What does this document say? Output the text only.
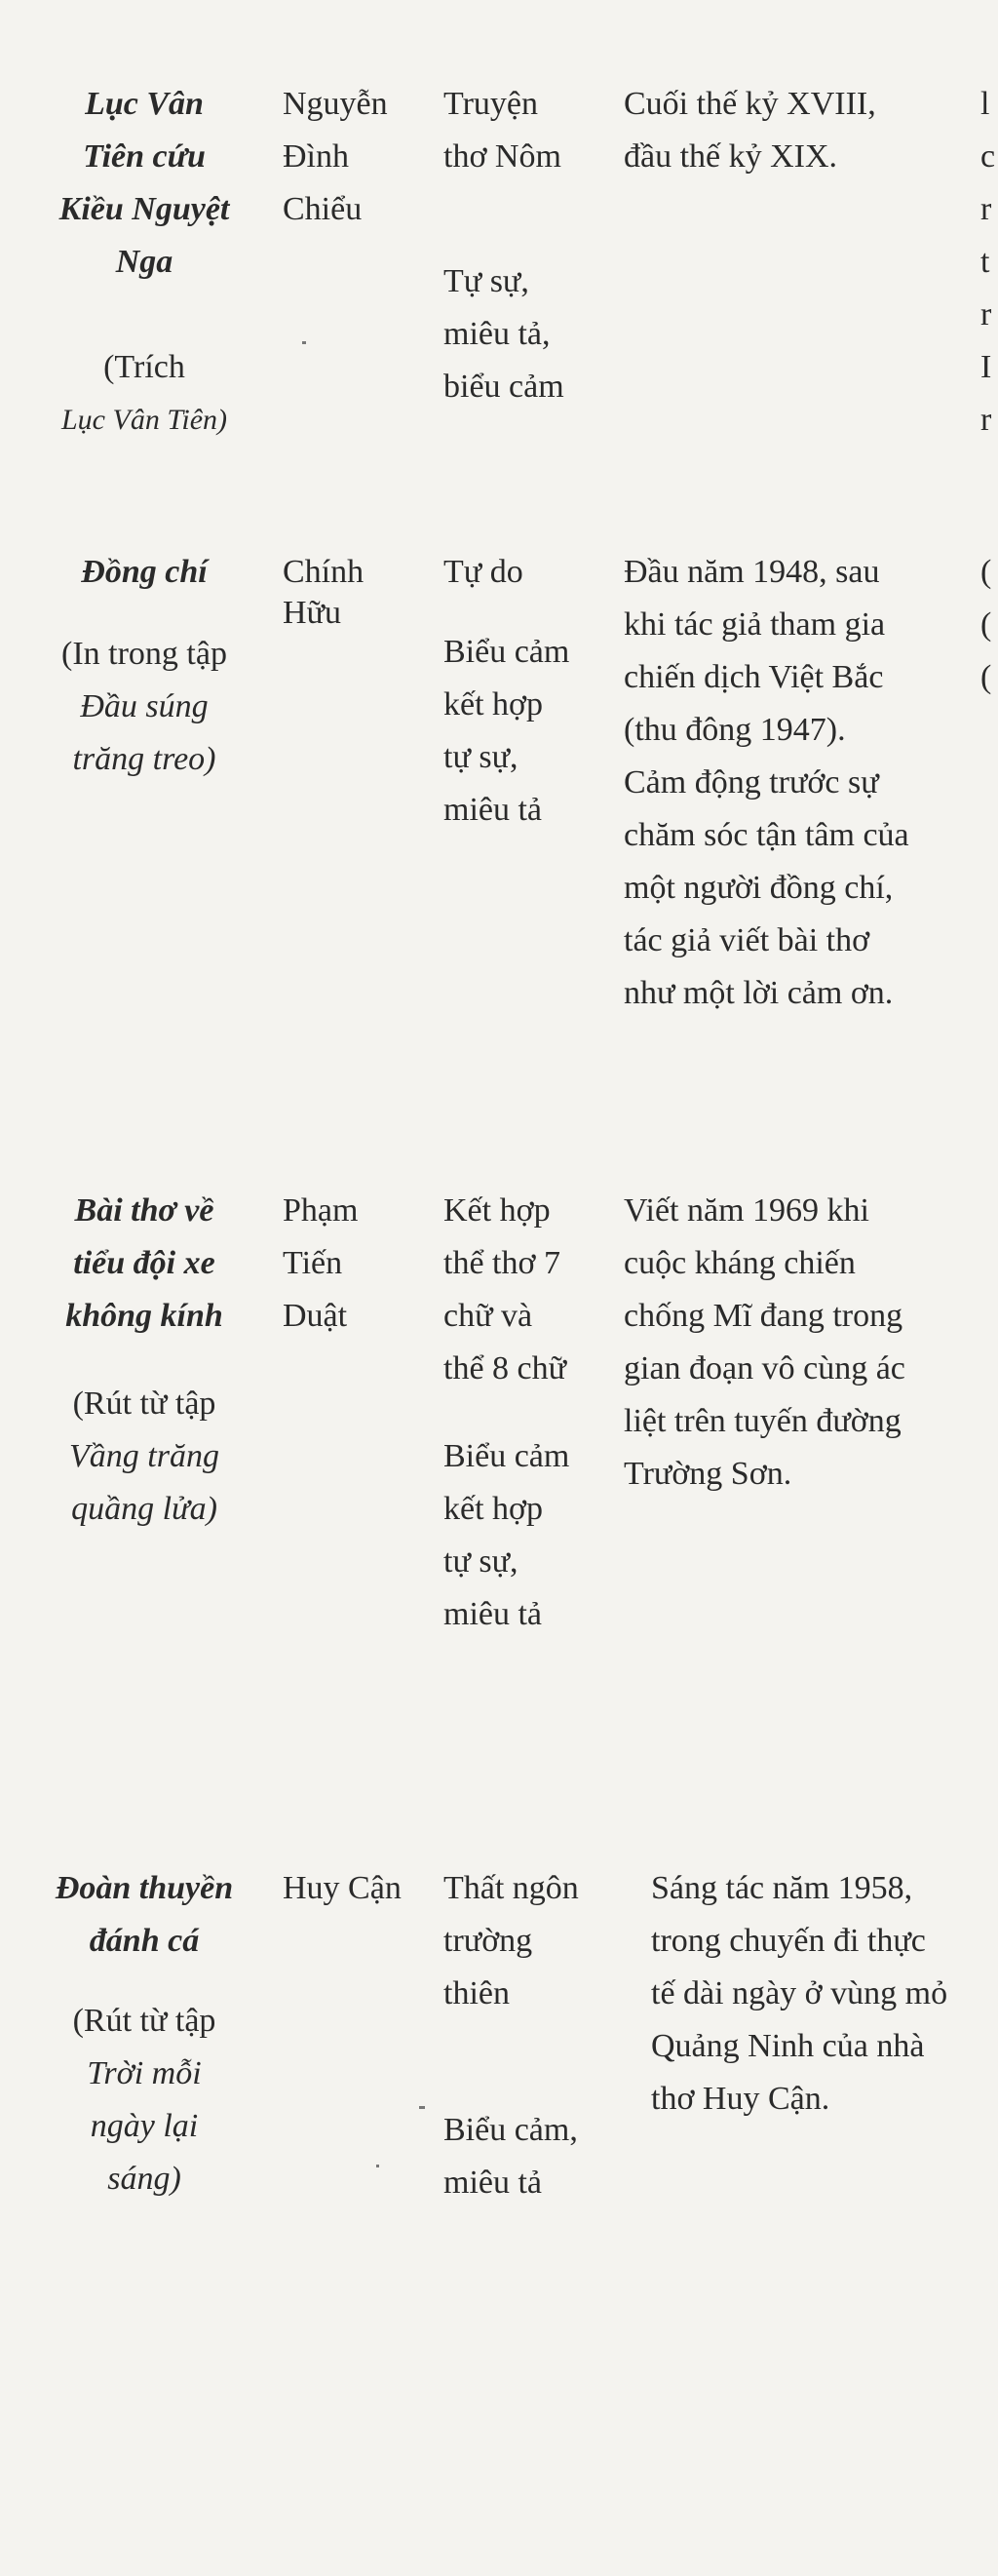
Lục Vân
Tiên cứu
Kiều Nguyệt
Nga
(Trích
Lục Vân Tiên)
Nguyễn
Đình
Chiểu
Truyện
thơ Nôm
Tự sự,
miêu tả,
biểu cảm
Cuối thế kỷ XVIII,
đầu thế kỷ XIX.
l
c
r
t
r
I
r
Đồng chí
(In trong tập
Đầu súng
trăng treo)
Chính
Hữu
Tự do
Biểu cảm
kết hợp
tự sự,
miêu tả
Đầu năm 1948, sau
khi tác giả tham gia
chiến dịch Việt Bắc
(thu đông 1947).
Cảm động trước sự
chăm sóc tận tâm của
một người đồng chí,
tác giả viết bài thơ
như một lời cảm ơn.
(
(
(
Bài thơ về
tiểu đội xe
không kính
(Rút từ tập
Vầng trăng
quầng lửa)
Phạm
Tiến
Duật
Kết hợp
thể thơ 7
chữ và
thể 8 chữ
Biểu cảm
kết hợp
tự sự,
miêu tả
Viết năm 1969 khi
cuộc kháng chiến
chống Mĩ đang trong
gian đoạn vô cùng ác
liệt trên tuyến đường
Trường Sơn.
Đoàn thuyền
đánh cá
(Rút từ tập
Trời mỗi
ngày lại
sáng)
Huy Cận	Thất ngôn
trường
thiên
Biểu cảm,
miêu tả
Sáng tác năm 1958,
trong chuyến đi thực
tế dài ngày ở vùng mỏ
Quảng Ninh của nhà
thơ Huy Cận.
